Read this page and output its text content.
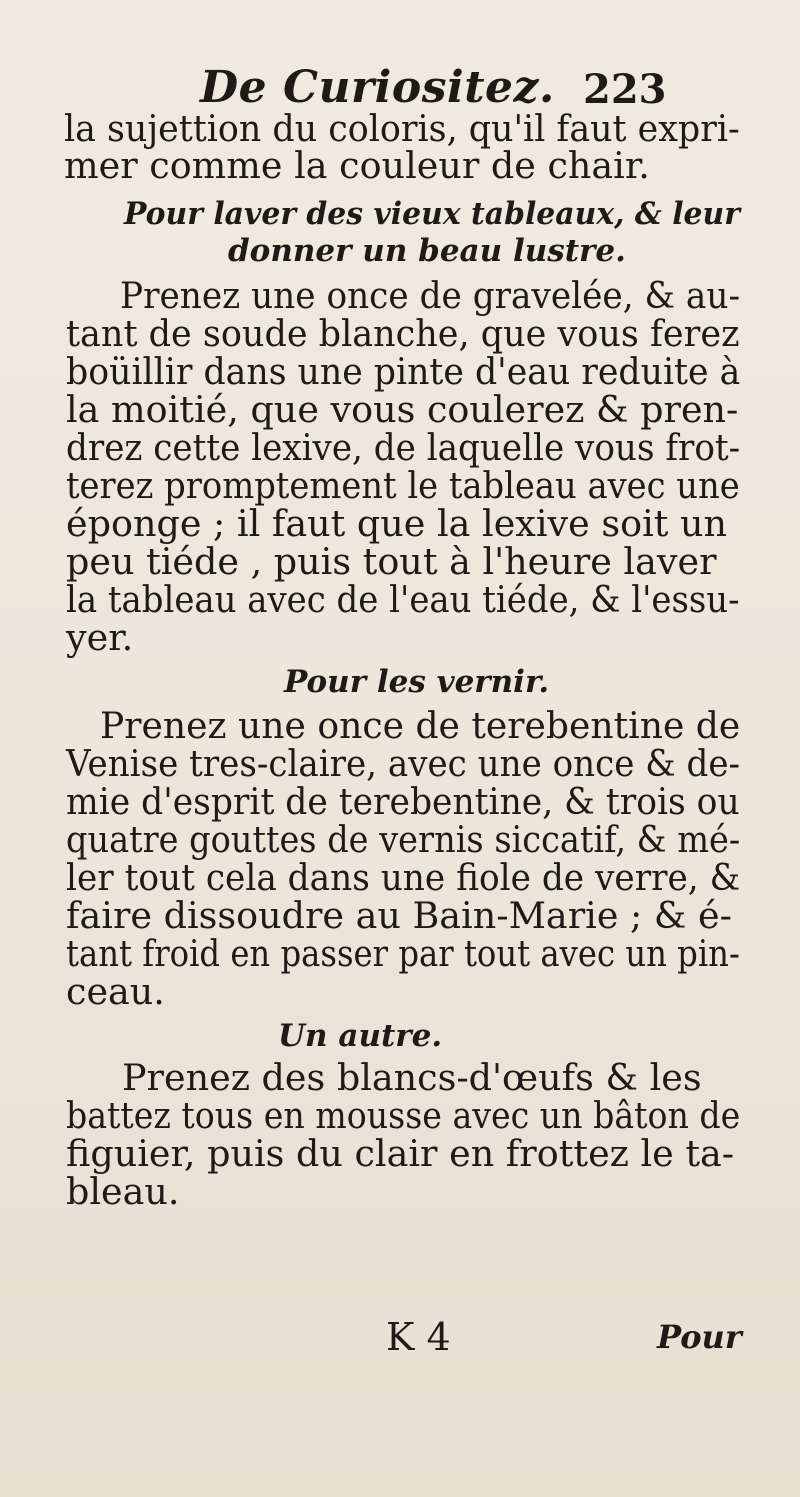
De Curiositez. 223
la sujettion du coloris, qu'il faut expri-
mer comme la couleur de chair.
Pour laver des vieux tableaux, & leur
donner un beau lustre.
Prenez une once de gravelée, & au-
tant de soude blanche, que vous ferez
boüillir dans une pinte d'eau reduite à
la moitié, que vous coulerez & pren-
drez cette lexive, de laquelle vous frot-
terez promptement le tableau avec une
éponge ; il faut que la lexive soit un
peu tiéde , puis tout à l'heure laver
la tableau avec de l'eau tiéde, & l'essu-
yer.
Pour les vernir.
Prenez une once de terebentine de
Venise tres-claire, avec une once & de-
mie d'esprit de terebentine, & trois ou
quatre gouttes de vernis siccatif, & mé-
ler tout cela dans une fiole de verre, &
faire dissoudre au Bain-Marie ; & é-
tant froid en passer par tout avec un pin-
ceau.
Un autre.
Prenez des blancs-d'œufs & les
battez tous en mousse avec un bâton de
figuier, puis du clair en frottez le ta-
bleau.
K 4	Pour
